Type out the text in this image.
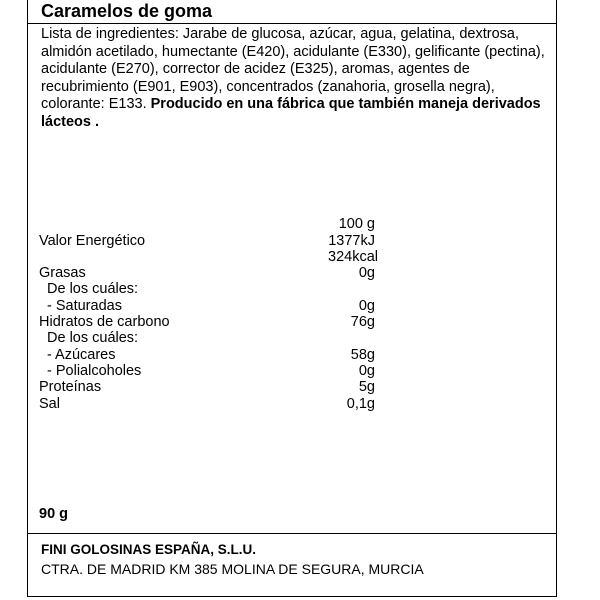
Caramelos de goma
Lista de ingredientes: Jarabe de glucosa, azúcar, agua, gelatina, dextrosa, almidón acetilado, humectante (E420), acidulante (E330), gelificante (pectina), acidulante (E270), corrector de acidez (E325), aromas, agentes de recubrimiento (E901, E903), concentrados (zanahoria, grosella negra), colorante: E133. Producido en una fábrica que también maneja derivados lácteos .
100 g
Valor Energético	1377kJ
324kcal
Grasas	0g
De los cuáles:
- Saturadas	0g
Hidratos de carbono	76g
De los cuáles:
- Azúcares	58g
- Polialcoholes	0g
Proteínas	5g
Sal	0,1g
90 g
FINI GOLOSINAS ESPAÑA, S.L.U.
CTRA. DE MADRID KM 385 MOLINA DE SEGURA, MURCIA
